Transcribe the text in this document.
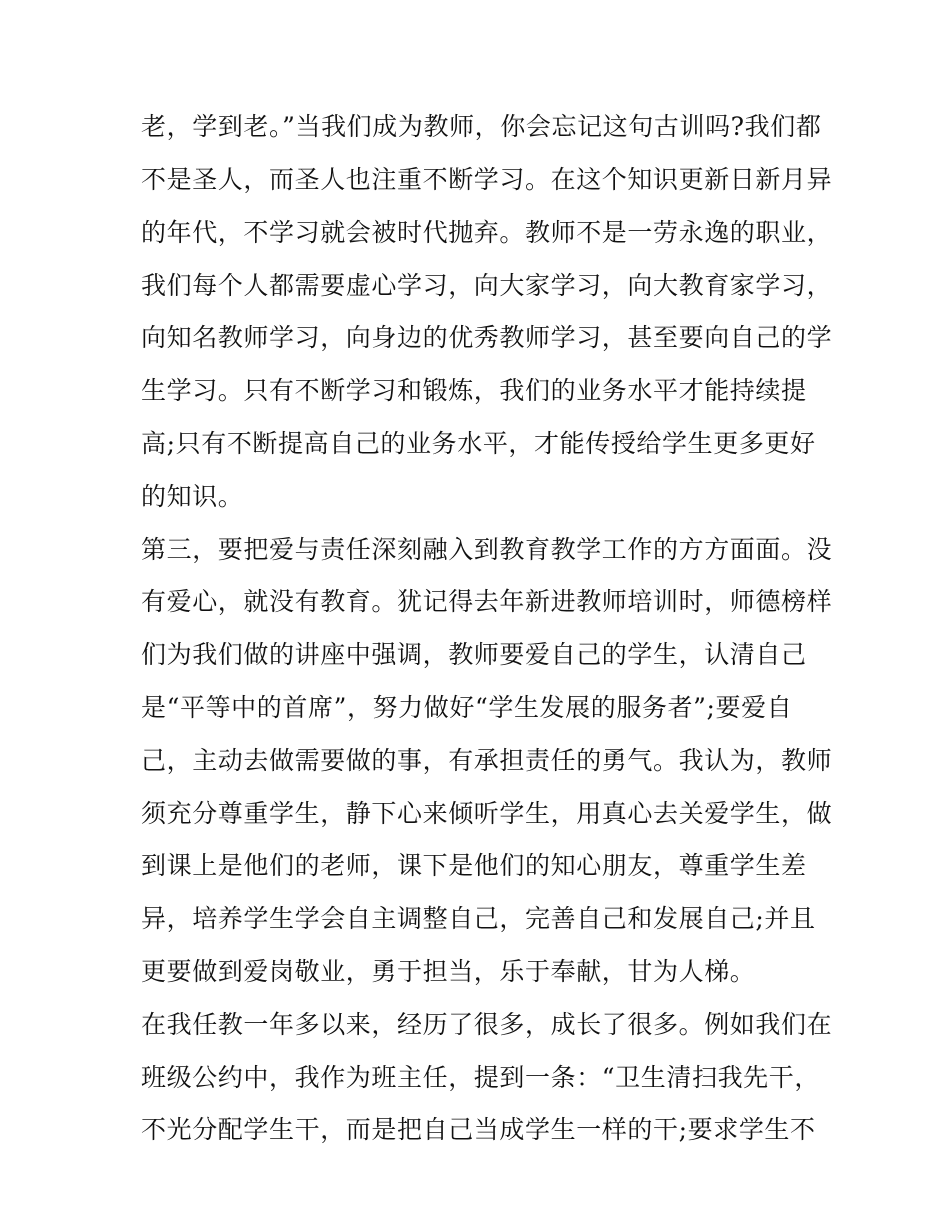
老，学到老。”当我们成为教师，你会忘记这句古训吗?我们都
不是圣人，而圣人也注重不断学习。在这个知识更新日新月异
的年代，不学习就会被时代抛弃。教师不是一劳永逸的职业，
我们每个人都需要虚心学习，向大家学习，向大教育家学习，
向知名教师学习，向身边的优秀教师学习，甚至要向自己的学
生学习。只有不断学习和锻炼，我们的业务水平才能持续提
高;只有不断提高自己的业务水平，才能传授给学生更多更好
的知识。
第三，要把爱与责任深刻融入到教育教学工作的方方面面。没
有爱心，就没有教育。犹记得去年新进教师培训时，师德榜样
们为我们做的讲座中强调，教师要爱自己的学生，认清自己
是“平等中的首席”，努力做好“学生发展的服务者”;要爱自
己，主动去做需要做的事，有承担责任的勇气。我认为，教师
须充分尊重学生，静下心来倾听学生，用真心去关爱学生，做
到课上是他们的老师，课下是他们的知心朋友，尊重学生差
异，培养学生学会自主调整自己，完善自己和发展自己;并且
更要做到爱岗敬业，勇于担当，乐于奉献，甘为人梯。
在我任教一年多以来，经历了很多，成长了很多。例如我们在
班级公约中，我作为班主任，提到一条：“卫生清扫我先干，
不光分配学生干，而是把自己当成学生一样的干;要求学生不
